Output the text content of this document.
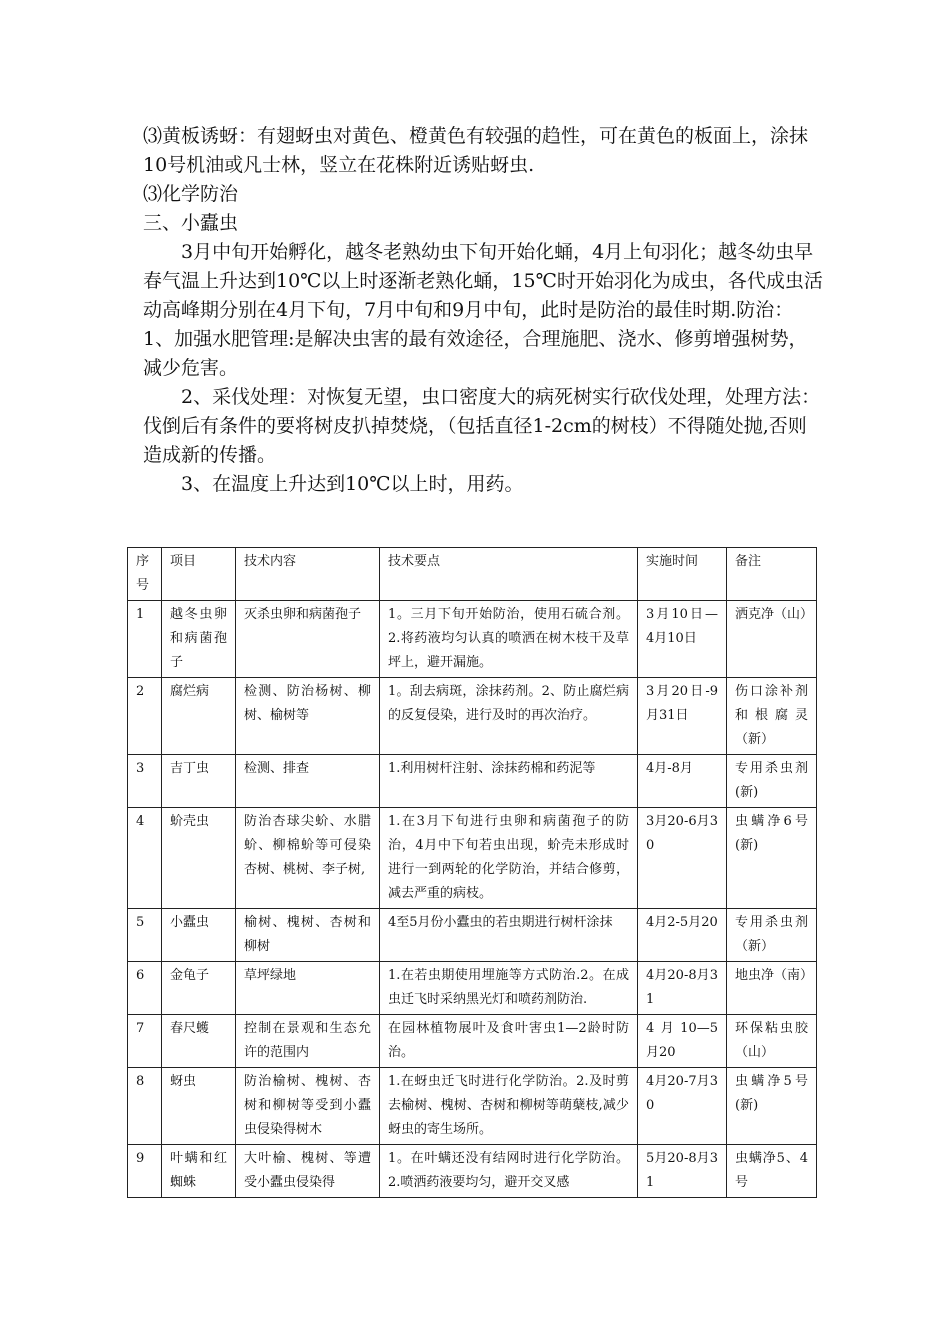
⑶黄板诱蚜：有翅蚜虫对黄色、橙黄色有较强的趋性，可在黄色的板面上，涂抹10号机油或凡士林，竖立在花株附近诱贴蚜虫.

⑶化学防治

三、小蠹虫

3月中旬开始孵化，越冬老熟幼虫下旬开始化蛹，4月上旬羽化；越冬幼虫早春气温上升达到10℃以上时逐渐老熟化蛹，15℃时开始羽化为成虫，各代成虫活动高峰期分别在4月下旬，7月中旬和9月中旬，此时是防治的最佳时期.防治： 1、加强水肥管理:是解决虫害的最有效途径，合理施肥、浇水、修剪增强树势，减少危害。

2、采伐处理：对恢复无望，虫口密度大的病死树实行砍伐处理，处理方法：伐倒后有条件的要将树皮扒掉焚烧，（包括直径1-2cm的树枝）不得随处抛,否则造成新的传播。

3、在温度上升达到10℃以上时，用药。

序号	项目	技术内容	技术要点	实施时间	备注
1	越冬虫卵和病菌孢子	灭杀虫卵和病菌孢子	1。三月下旬开始防治，使用石硫合剂。2.将药液均匀认真的喷洒在树木枝干及草坪上，避开漏施。	3月10日—4月10日	洒克净（山）
2	腐烂病	检测、防治杨树、柳树、榆树等	1。刮去病斑，涂抹药剂。2、防止腐烂病的反复侵染，进行及时的再次治疗。	3月20日-9月31日	伤口涂补剂和根腐灵（新）
3	吉丁虫	检测、排查	1.利用树杆注射、涂抹药棉和药泥等	4月-8月	专用杀虫剂(新)
4	蚧壳虫	防治杏球尖蚧、水腊蚧、柳棉蚧等可侵染杏树、桃树、李子树,	1.在3月下旬进行虫卵和病菌孢子的防治，4月中下旬若虫出现，蚧壳未形成时进行一到两轮的化学防治，并结合修剪，减去严重的病枝。	3月20-6月30	虫螨净6号(新)
5	小蠹虫	榆树、槐树、杏树和柳树	4至5月份小蠹虫的若虫期进行树杆涂抹	4月2-5月20	专用杀虫剂（新）
6	金龟子	草坪绿地	1.在若虫期使用埋施等方式防治.2。在成虫迁飞时采纳黑光灯和喷药剂防治.	4月20-8月31	地虫净（南）
7	春尺蠖	控制在景观和生态允许的范围内	在园林植物展叶及食叶害虫1—2龄时防治。	4月10—5月20	环保粘虫胶（山）
8	蚜虫	防治榆树、槐树、杏树和柳树等受到小蠹虫侵染得树木	1.在蚜虫迁飞时进行化学防治。2.及时剪去榆树、槐树、杏树和柳树等萌蘖枝,减少蚜虫的寄生场所。	4月20-7月30	虫螨净5号(新)
9	叶螨和红蜘蛛	大叶榆、槐树、等遭受小蠹虫侵染得	1。在叶螨还没有结网时进行化学防治。2.喷洒药液要均匀，避开交叉感	5月20-8月31	虫螨净5、4号
